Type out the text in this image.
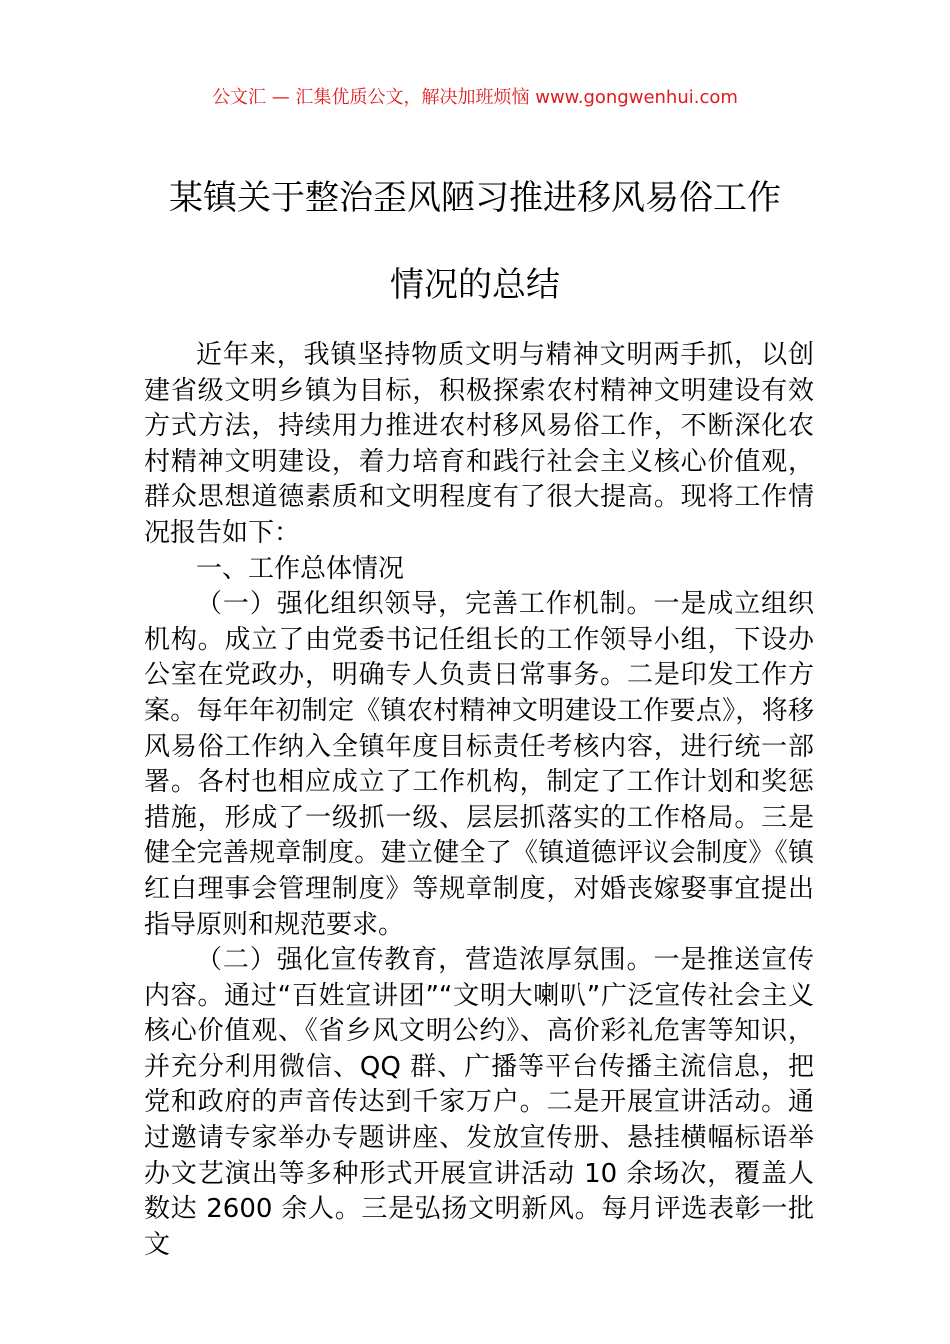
公文汇 — 汇集优质公文，解决加班烦恼 www.gongwenhui.com
某镇关于整治歪风陋习推进移风易俗工作
情况的总结

近年来，我镇坚持物质文明与精神文明两手抓，以创建省级文明乡镇为目标，积极探索农村精神文明建设有效方式方法，持续用力推进农村移风易俗工作，不断深化农村精神文明建设，着力培育和践行社会主义核心价值观，群众思想道德素质和文明程度有了很大提高。现将工作情况报告如下：

一、工作总体情况

（一）强化组织领导，完善工作机制。一是成立组织机构。成立了由党委书记任组长的工作领导小组，下设办公室在党政办，明确专人负责日常事务。二是印发工作方案。每年年初制定《镇农村精神文明建设工作要点》，将移风易俗工作纳入全镇年度目标责任考核内容，进行统一部署。各村也相应成立了工作机构，制定了工作计划和奖惩措施，形成了一级抓一级、层层抓落实的工作格局。三是健全完善规章制度。建立健全了《镇道德评议会制度》《镇红白理事会管理制度》等规章制度，对婚丧嫁娶事宜提出指导原则和规范要求。

（二）强化宣传教育，营造浓厚氛围。一是推送宣传内容。通过“百姓宣讲团”“文明大喇叭”广泛宣传社会主义核心价值观、《省乡风文明公约》、高价彩礼危害等知识，并充分利用微信、QQ 群、广播等平台传播主流信息，把党和政府的声音传达到千家万户。二是开展宣讲活动。通过邀请专家举办专题讲座、发放宣传册、悬挂横幅标语举办文艺演出等多种形式开展宣讲活动 10 余场次，覆盖人数达 2600 余人。三是弘扬文明新风。每月评选表彰一批文
